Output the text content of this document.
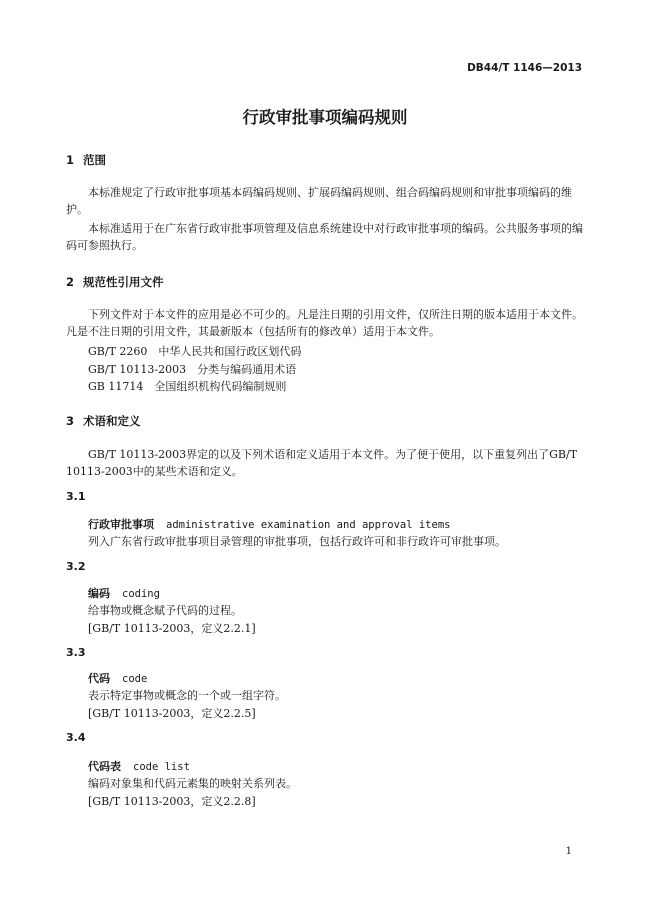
DB44/T 1146—2013
行政审批事项编码规则
1 范围
本标准规定了行政审批事项基本码编码规则、扩展码编码规则、组合码编码规则和审批事项编码的维护。
本标准适用于在广东省行政审批事项管理及信息系统建设中对行政审批事项的编码。公共服务事项的编码可参照执行。
2 规范性引用文件
下列文件对于本文件的应用是必不可少的。凡是注日期的引用文件，仅所注日期的版本适用于本文件。凡是不注日期的引用文件，其最新版本（包括所有的修改单）适用于本文件。
GB/T 2260　中华人民共和国行政区划代码
GB/T 10113-2003　分类与编码通用术语
GB 11714　全国组织机构代码编制规则
3 术语和定义
GB/T 10113-2003界定的以及下列术语和定义适用于本文件。为了便于使用，以下重复列出了GB/T 10113-2003中的某些术语和定义。
3.1
行政审批事项 administrative examination and approval items
列入广东省行政审批事项目录管理的审批事项，包括行政许可和非行政许可审批事项。
3.2
编码 coding
给事物或概念赋予代码的过程。
[GB/T 10113-2003，定义2.2.1]
3.3
代码 code
表示特定事物或概念的一个或一组字符。
[GB/T 10113-2003，定义2.2.5]
3.4
代码表 code list
编码对象集和代码元素集的映射关系列表。
[GB/T 10113-2003，定义2.2.8]
1
